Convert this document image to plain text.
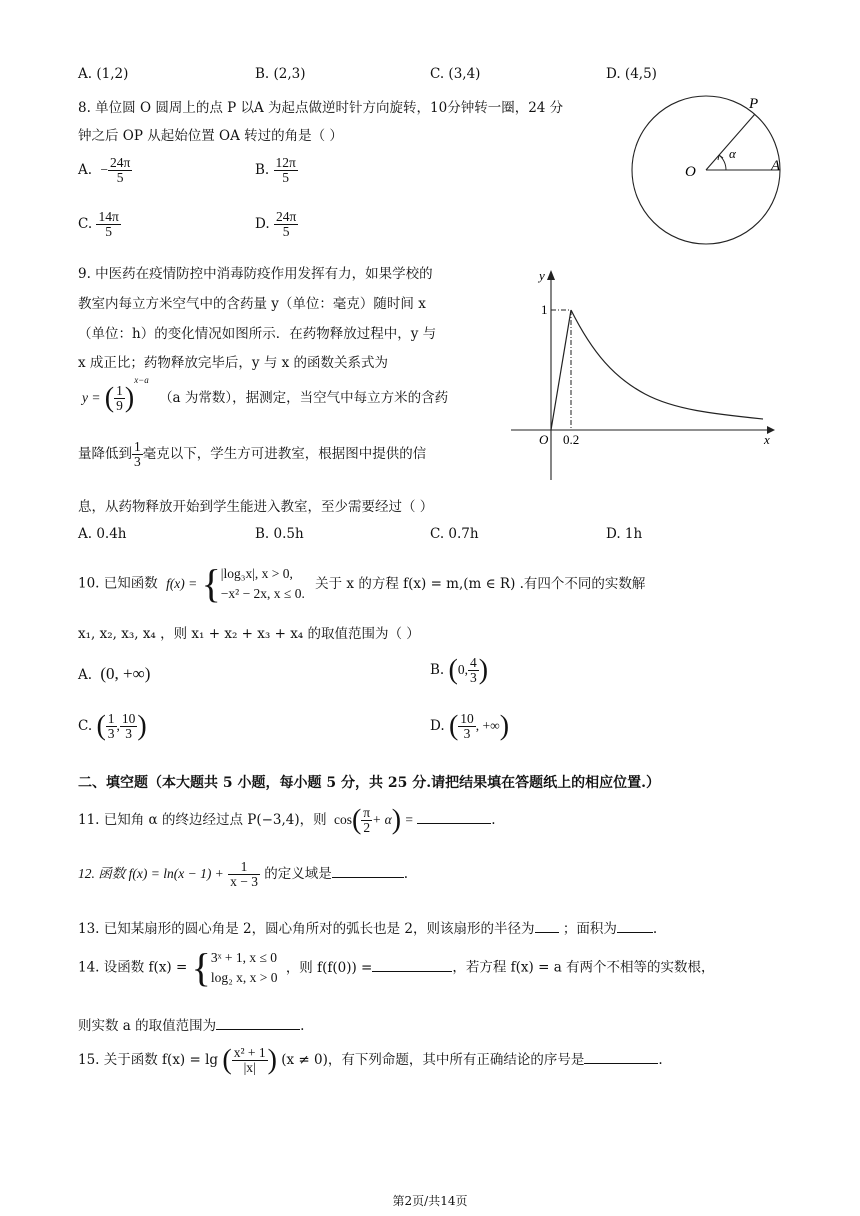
A. (1,2)	B. (2,3)	C. (3,4)	D. (4,5)
8. 单位圆 O 圆周上的点 P 以A 为起点做逆时针方向旋转，10分钟转一圈，24 分
钟之后 OP 从起始位置 OA 转过的角是（ ）
A. − $\frac{24\pi}{5}$	B. $\frac{12\pi}{5}$
C. $\frac{14\pi}{5}$	D. $\frac{24\pi}{5}$
P
O	A
α
9. 中医药在疫情防控中消毒防疫作用发挥有力，如果学校的
教室内每立方米空气中的含药量 y（单位：毫克）随时间 x
（单位：h）的变化情况如图所示．在药物释放过程中，y 与
x 成正比；药物释放完毕后，y 与 x 的函数关系式为
y = ( $\frac{1}{9} )^{x-a}$ （a 为常数），据测定，当空气中每立方米的含药
量降低到 $\frac{1}{3}$ 毫克以下，学生方可进教室，根据图中提供的信
息，从药物释放开始到学生能进入教室，至少需要经过（ ）
A. 0.4h	B. 0.5h	C. 0.7h	D. 1h
y
x
1
O 0.2
10. 已知函数 f(x) = { |log₃x|, x > 0,
−x² − 2x, x ≤ 0.
关于 x 的方程 f(x) = m,(m ∈ R) .有四个不同的实数解
x₁, x₂, x₃, x₄ ，则 x₁ + x₂ + x₃ + x₄ 的取值范围为（ ）
A. (0, +∞)	B. (0, $\frac{4}{3}$ )
C. ( $\frac{1}{3}$ , $\frac{10}{3}$ )	D. ( $\frac{10}{3}$ , +∞)
二、填空题（本大题共 5 小题，每小题 5 分，共 25 分.请把结果填在答题纸上的相应位置.）
11. 已知角 α 的终边经过点 P(−3,4)，则 $\cos( \frac{\pi}{2} + \alpha)$ =	.
12. 函数 $f(x) = \ln(x - 1) + \frac{1}{x - 3}$ 的定义域是	.
13. 已知某扇形的圆心角是 2，圆心角所对的弧长也是 2，则该扇形的半径为 ；面积为	.
14. 设函数 f(x) = { 3ˣ + 1, x ≤ 0
log₂ x, x > 0
，则 f(f(0)) =	，若方程 f(x) = a 有两个不相等的实数根，
则实数 a 的取值范围为	.
15. 关于函数 f(x) = lg ( $\frac{\text{x² + 1}}{|x|}$ ) (x ≠ 0)，有下列命题，其中所有正确结论的序号是	.
第2页/共14页
